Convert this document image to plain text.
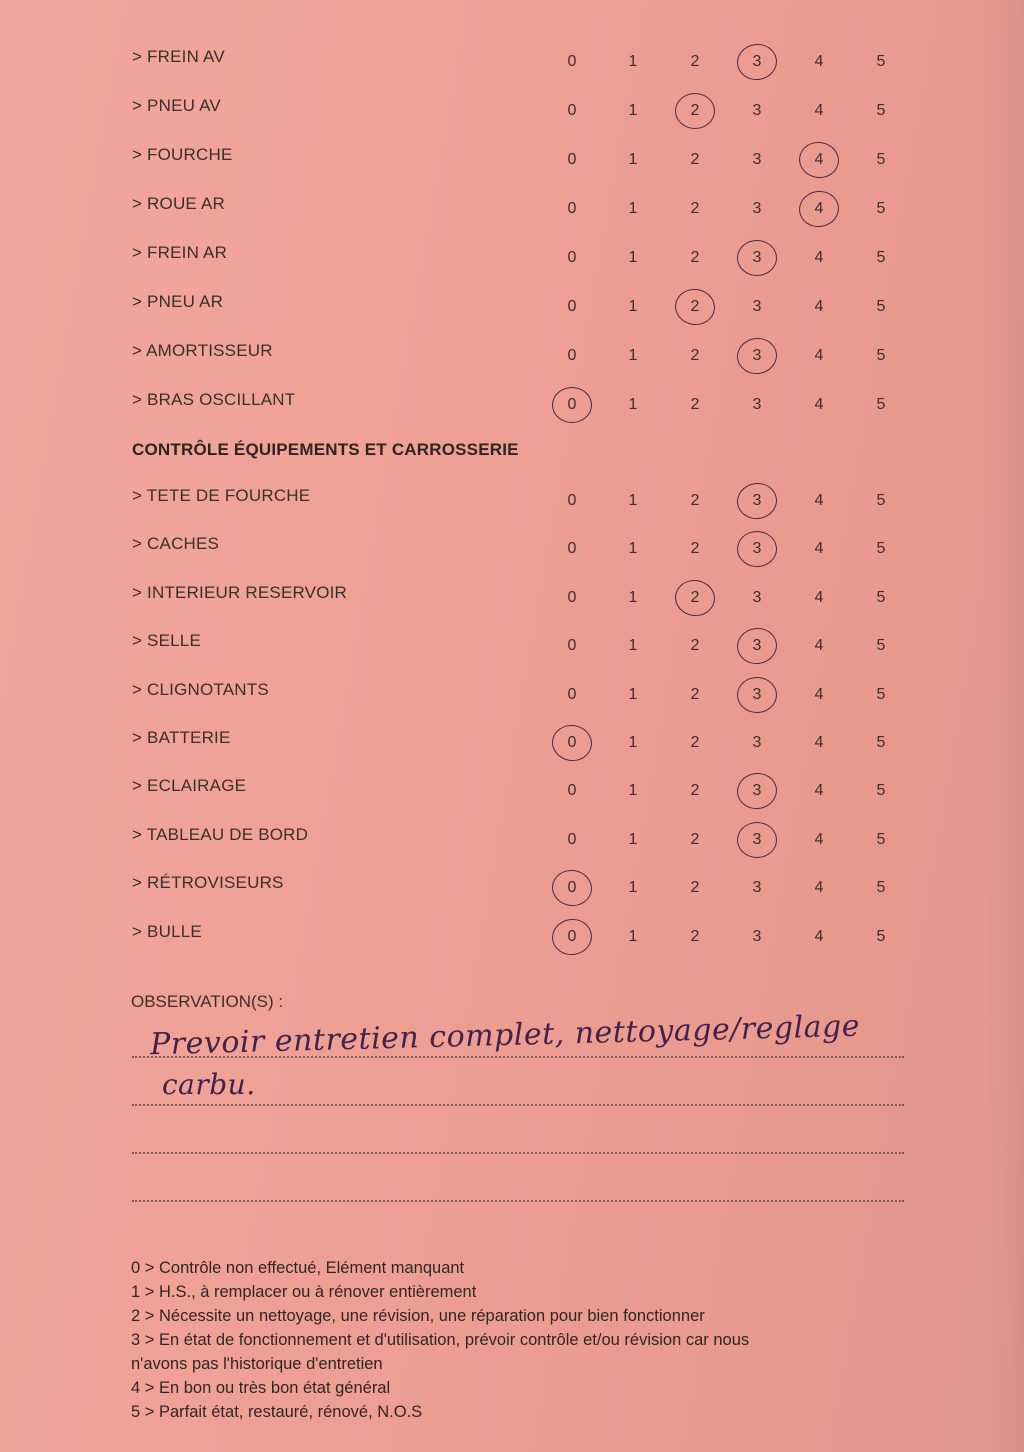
> FREIN AV	0	1	2	3	4	5
> PNEU AV	0	1	2	3	4	5
> FOURCHE	0	1	2	3	4	5
> ROUE AR	0	1	2	3	4	5
> FREIN AR	0	1	2	3	4	5
> PNEU AR	0	1	2	3	4	5
> AMORTISSEUR	0	1	2	3	4	5
> BRAS OSCILLANT	0	1	2	3	4	5
CONTRÔLE ÉQUIPEMENTS ET CARROSSERIE
> TETE DE FOURCHE	0	1	2	3	4	5
> CACHES	0	1	2	3	4	5
> INTERIEUR RESERVOIR	0	1	2	3	4	5
> SELLE	0	1	2	3	4	5
> CLIGNOTANTS	0	1	2	3	4	5
> BATTERIE	0	1	2	3	4	5
> ECLAIRAGE	0	1	2	3	4	5
> TABLEAU DE BORD	0	1	2	3	4	5
> RÉTROVISEURS	0	1	2	3	4	5
> BULLE	0	1	2	3	4	5
OBSERVATION(S) :
Prevoir entretien complet, nettoyage/reglage
carbu.
0 > Contrôle non effectué, Elément manquant
1 > H.S., à remplacer ou à rénover entièrement
2 > Nécessite un nettoyage, une révision, une réparation pour bien fonctionner
3 > En état de fonctionnement et d'utilisation, prévoir contrôle et/ou révision car nous
n'avons pas l'historique d'entretien
4 > En bon ou très bon état général
5 > Parfait état, restauré, rénové, N.O.S
